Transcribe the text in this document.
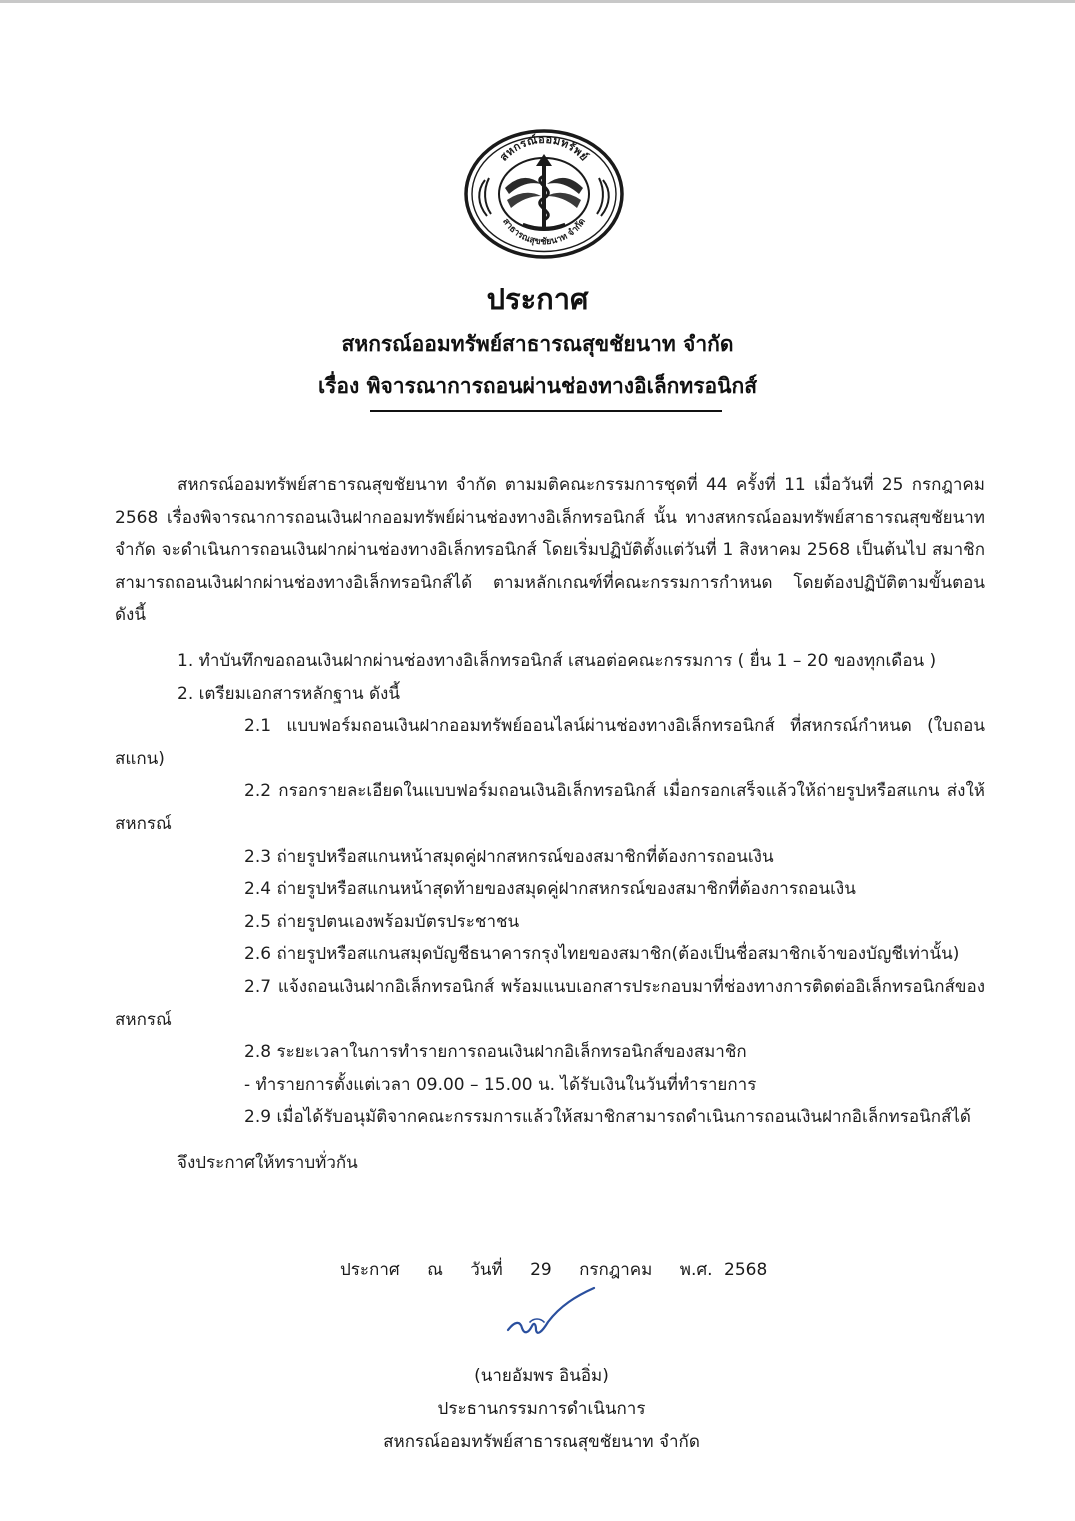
สหกรณ์ออมทรัพย์
สาธารณสุขชัยนาท จำกัด
ประกาศ
สหกรณ์ออมทรัพย์สาธารณสุขชัยนาท จำกัด
เรื่อง พิจารณาการถอนผ่านช่องทางอิเล็กทรอนิกส์

สหกรณ์ออมทรัพย์สาธารณสุขชัยนาท จำกัด ตามมติคณะกรรมการชุดที่ 44 ครั้งที่ 11 เมื่อวันที่ 25 กรกฎาคม 2568 เรื่องพิจารณาการถอนเงินฝากออมทรัพย์ผ่านช่องทางอิเล็กทรอนิกส์ นั้น ทางสหกรณ์ออมทรัพย์สาธารณสุขชัยนาท จำกัด จะดำเนินการถอนเงินฝากผ่านช่องทางอิเล็กทรอนิกส์ โดยเริ่มปฏิบัติตั้งแต่วันที่ 1 สิงหาคม 2568 เป็นต้นไป สมาชิกสามารถถอนเงินฝากผ่านช่องทางอิเล็กทรอนิกส์ได้ ตามหลักเกณฑ์ที่คณะกรรมการกำหนด โดยต้องปฏิบัติตามขั้นตอนดังนี้

1. ทำบันทึกขอถอนเงินฝากผ่านช่องทางอิเล็กทรอนิกส์ เสนอต่อคณะกรรมการ ( ยื่น 1 – 20 ของทุกเดือน )
2. เตรียมเอกสารหลักฐาน ดังนี้
2.1 แบบฟอร์มถอนเงินฝากออมทรัพย์ออนไลน์ผ่านช่องทางอิเล็กทรอนิกส์ ที่สหกรณ์กำหนด (ใบถอนสแกน)
2.2 กรอกรายละเอียดในแบบฟอร์มถอนเงินอิเล็กทรอนิกส์ เมื่อกรอกเสร็จแล้วให้ถ่ายรูปหรือสแกน ส่งให้สหกรณ์
2.3 ถ่ายรูปหรือสแกนหน้าสมุดคู่ฝากสหกรณ์ของสมาชิกที่ต้องการถอนเงิน
2.4 ถ่ายรูปหรือสแกนหน้าสุดท้ายของสมุดคู่ฝากสหกรณ์ของสมาชิกที่ต้องการถอนเงิน
2.5 ถ่ายรูปตนเองพร้อมบัตรประชาชน
2.6 ถ่ายรูปหรือสแกนสมุดบัญชีธนาคารกรุงไทยของสมาชิก(ต้องเป็นชื่อสมาชิกเจ้าของบัญชีเท่านั้น)
2.7 แจ้งถอนเงินฝากอิเล็กทรอนิกส์ พร้อมแนบเอกสารประกอบมาที่ช่องทางการติดต่ออิเล็กทรอนิกส์ของสหกรณ์
2.8 ระยะเวลาในการทำรายการถอนเงินฝากอิเล็กทรอนิกส์ของสมาชิก
- ทำรายการตั้งแต่เวลา 09.00 – 15.00 น. ได้รับเงินในวันที่ทำรายการ
2.9 เมื่อได้รับอนุมัติจากคณะกรรมการแล้วให้สมาชิกสามารถดำเนินการถอนเงินฝากอิเล็กทรอนิกส์ได้
จึงประกาศให้ทราบทั่วกัน
ประกาศ ณ วันที่ 29 กรกฎาคม พ.ศ. 2568
(นายอัมพร อินอิ่ม)
ประธานกรรมการดำเนินการ
สหกรณ์ออมทรัพย์สาธารณสุขชัยนาท จำกัด
